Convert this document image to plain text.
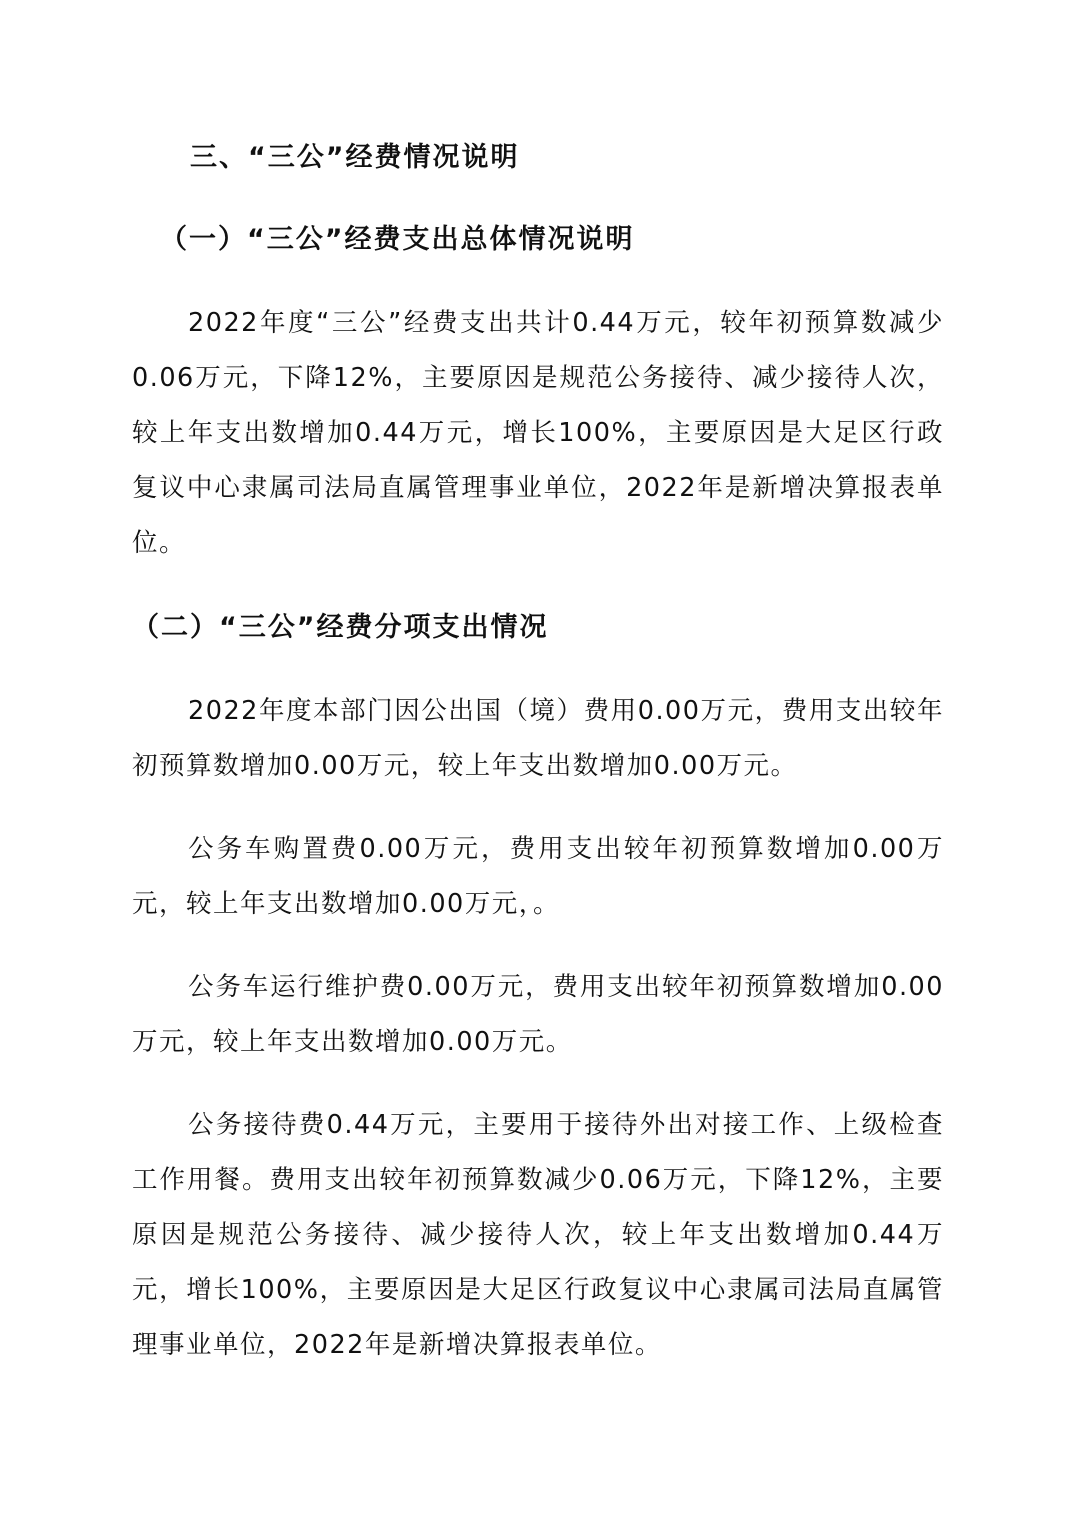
三、“三公”经费情况说明
（一）“三公”经费支出总体情况说明
2022年度“三公”经费支出共计0.44万元，较年初预算数减少0.06万元，下降12%，主要原因是规范公务接待、减少接待人次，较上年支出数增加0.44万元，增长100%，主要原因是大足区行政复议中心隶属司法局直属管理事业单位，2022年是新增决算报表单位。
（二）“三公”经费分项支出情况
2022年度本部门因公出国（境）费用0.00万元，费用支出较年初预算数增加0.00万元，较上年支出数增加0.00万元。
公务车购置费0.00万元，费用支出较年初预算数增加0.00万元，较上年支出数增加0.00万元，。
公务车运行维护费0.00万元，费用支出较年初预算数增加0.00万元，较上年支出数增加0.00万元。
公务接待费0.44万元，主要用于接待外出对接工作、上级检查工作用餐。费用支出较年初预算数减少0.06万元，下降12%，主要原因是规范公务接待、减少接待人次，较上年支出数增加0.44万元，增长100%，主要原因是大足区行政复议中心隶属司法局直属管理事业单位，2022年是新增决算报表单位。
